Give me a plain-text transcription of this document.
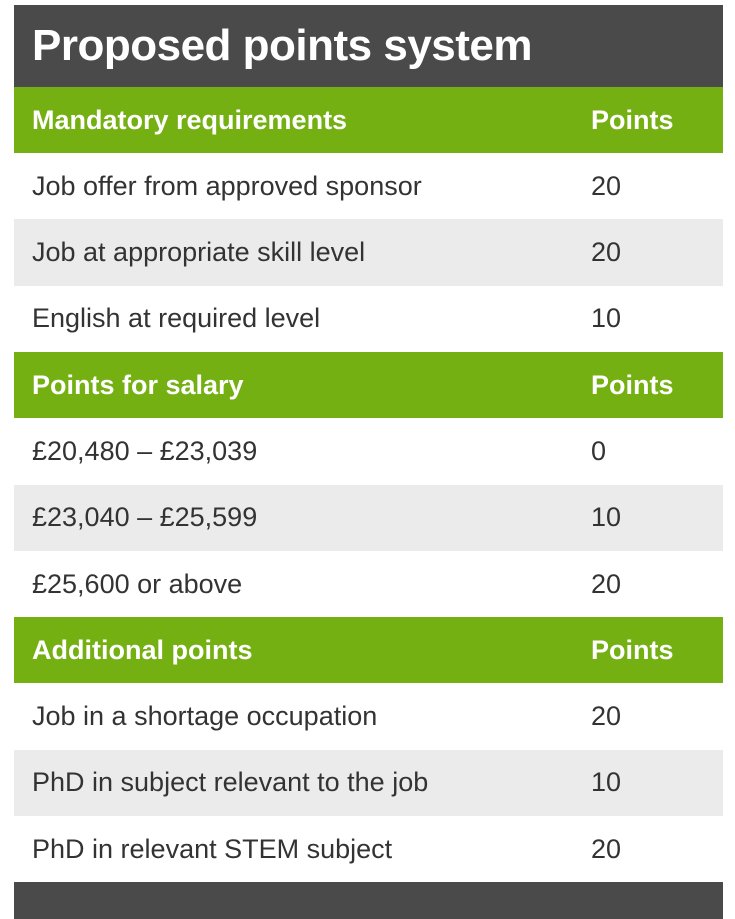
Proposed points system
Mandatory requirements	Points
Job offer from approved sponsor	20
Job at appropriate skill level	20
English at required level	10
Points for salary	Points
£20,480 – £23,039	0
£23,040 – £25,599	10
£25,600 or above	20
Additional points	Points
Job in a shortage occupation	20
PhD in subject relevant to the job	10
PhD in relevant STEM subject	20
